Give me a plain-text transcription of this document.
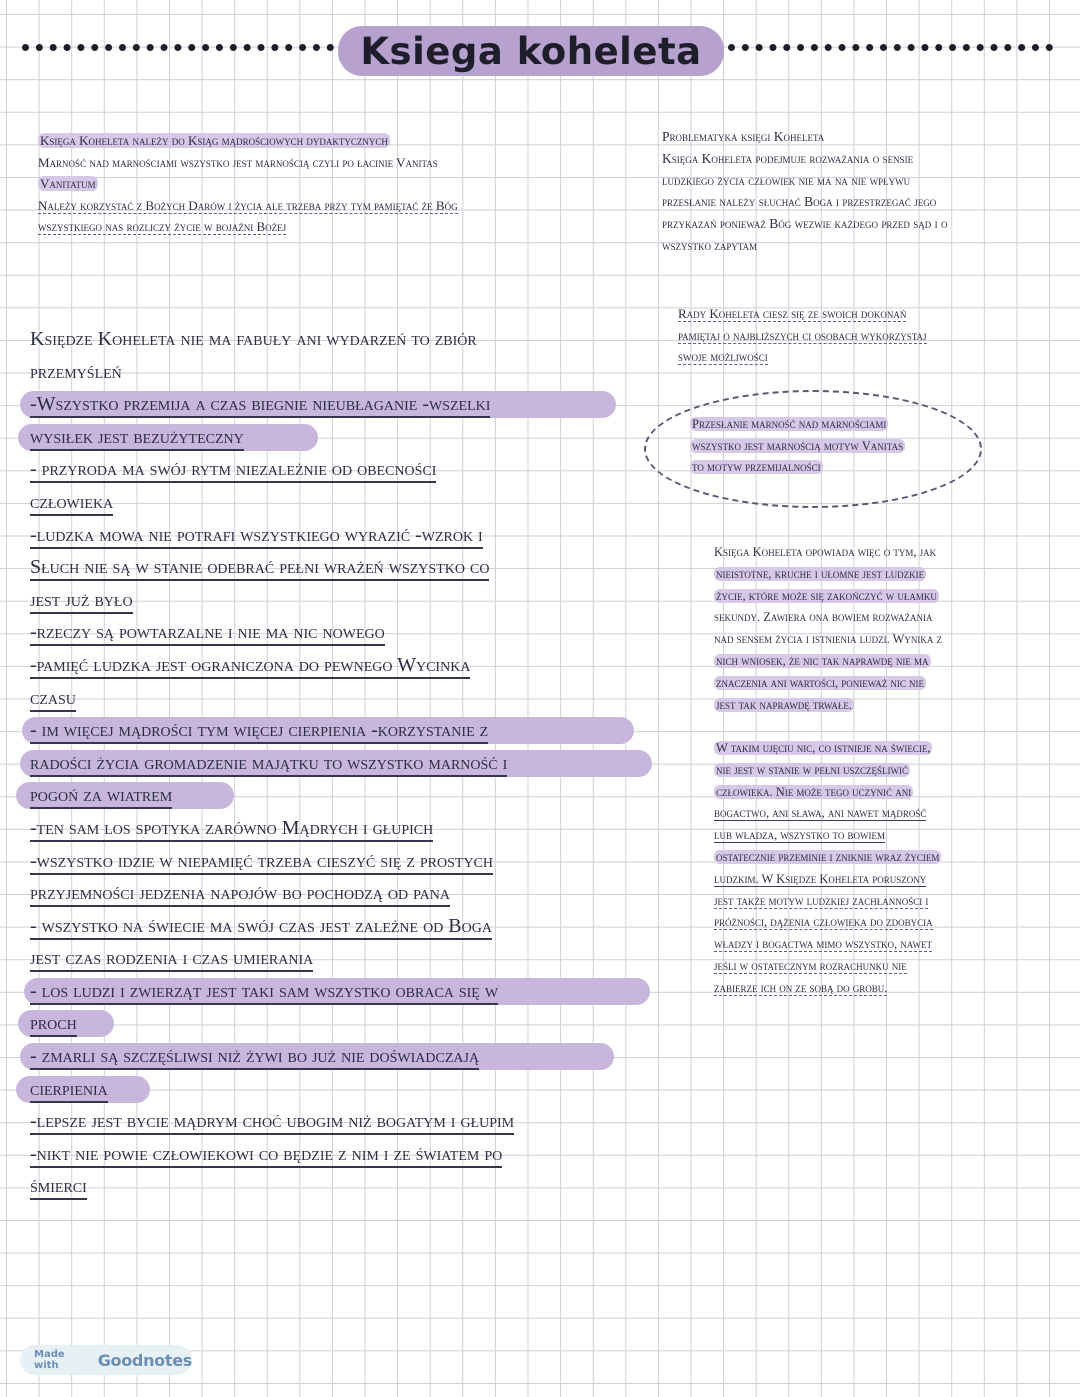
Ksiega koheleta
Księga Koheleta należy do Ksiąg mądrościowych dydaktycznych
Marność nad marnościami wszystko jest marnością czyli po łacinie Vanitas
Vanitatum
Należy korzystać z Bożych Darów i życia ale trzeba przy tym pamiętać że Bóg
wszystkiego nas rozliczy życie w bojaźni Bożej
Problematyka księgi Koheleta
Księga Koheleta podejmuje rozważania o sensie
ludzkiego życia człowiek nie ma na nie wpływu
przesłanie należy słuchać Boga i przestrzegać jego
przykazań ponieważ Bóg wezwie każdego przed sąd i o
wszystko zapytam
Rady Koheleta ciesz się ze swoich dokonań
pamiętaj o najbliższych ci osobach wykorzystaj
swoje możliwości
Przesłanie marność nad marnościami
wszystko jest marnością motyw Vanitas
to motyw przemijalności
Księga Koheleta opowiada więc o tym, jak
nieistotne, kruche i ułomne jest ludzkie
życie, które może się zakończyć w ułamku
sekundy. Zawiera ona bowiem rozważania
nad sensem życia i istnienia ludzi. Wynika z
nich wniosek, że nic tak naprawdę nie ma
znaczenia ani wartości, ponieważ nic nie
jest tak naprawdę trwałe.
W takim ujęciu nic, co istnieje na świecie,
nie jest w stanie w pełni uszczęśliwić
człowieka. Nie może tego uczynić ani
bogactwo, ani sława, ani nawet mądrość
lub władza, wszystko to bowiem
ostatecznie przeminie i zniknie wraz życiem
ludzkim. W Księdze Koheleta poruszony
jest także motyw ludzkiej zachłanności i
próżności, dążenia człowieka do zdobycia
władzy i bogactwa mimo wszystko, nawet
jeśli w ostatecznym rozrachunku nie
zabierze ich on ze sobą do grobu.
Księdze Koheleta nie ma fabuły ani wydarzeń to zbiór
przemyśleń
-Wszystko przemija a czas biegnie nieubłaganie -wszelki
wysiłek jest bezużyteczny
- przyroda ma swój rytm niezależnie od obecności
człowieka
-ludzka mowa nie potrafi wszystkiego wyrazić -wzrok i
Słuch nie są w stanie odebrać pełni wrażeń wszystko co
jest już było
-rzeczy są powtarzalne i nie ma nic nowego
-pamięć ludzka jest ograniczona do pewnego Wycinka
czasu
- im więcej mądrości tym więcej cierpienia -korzystanie z
radości życia gromadzenie majątku to wszystko marność i
pogoń za wiatrem
-ten sam los spotyka zarówno Mądrych i głupich
-wszystko idzie w niepamięć trzeba cieszyć się z prostych
przyjemności jedzenia napojów bo pochodzą od pana
- wszystko na świecie ma swój czas jest zależne od Boga
jest czas rodzenia i czas umierania
- los ludzi i zwierząt jest taki sam wszystko obraca się w
proch
- zmarli są szczęśliwsi niż żywi bo już nie doświadczają
cierpienia
-lepsze jest bycie mądrym choć ubogim niż bogatym i głupim
-nikt nie powie człowiekowi co będzie z nim i ze światem po
śmierci
Made with	Goodnotes
